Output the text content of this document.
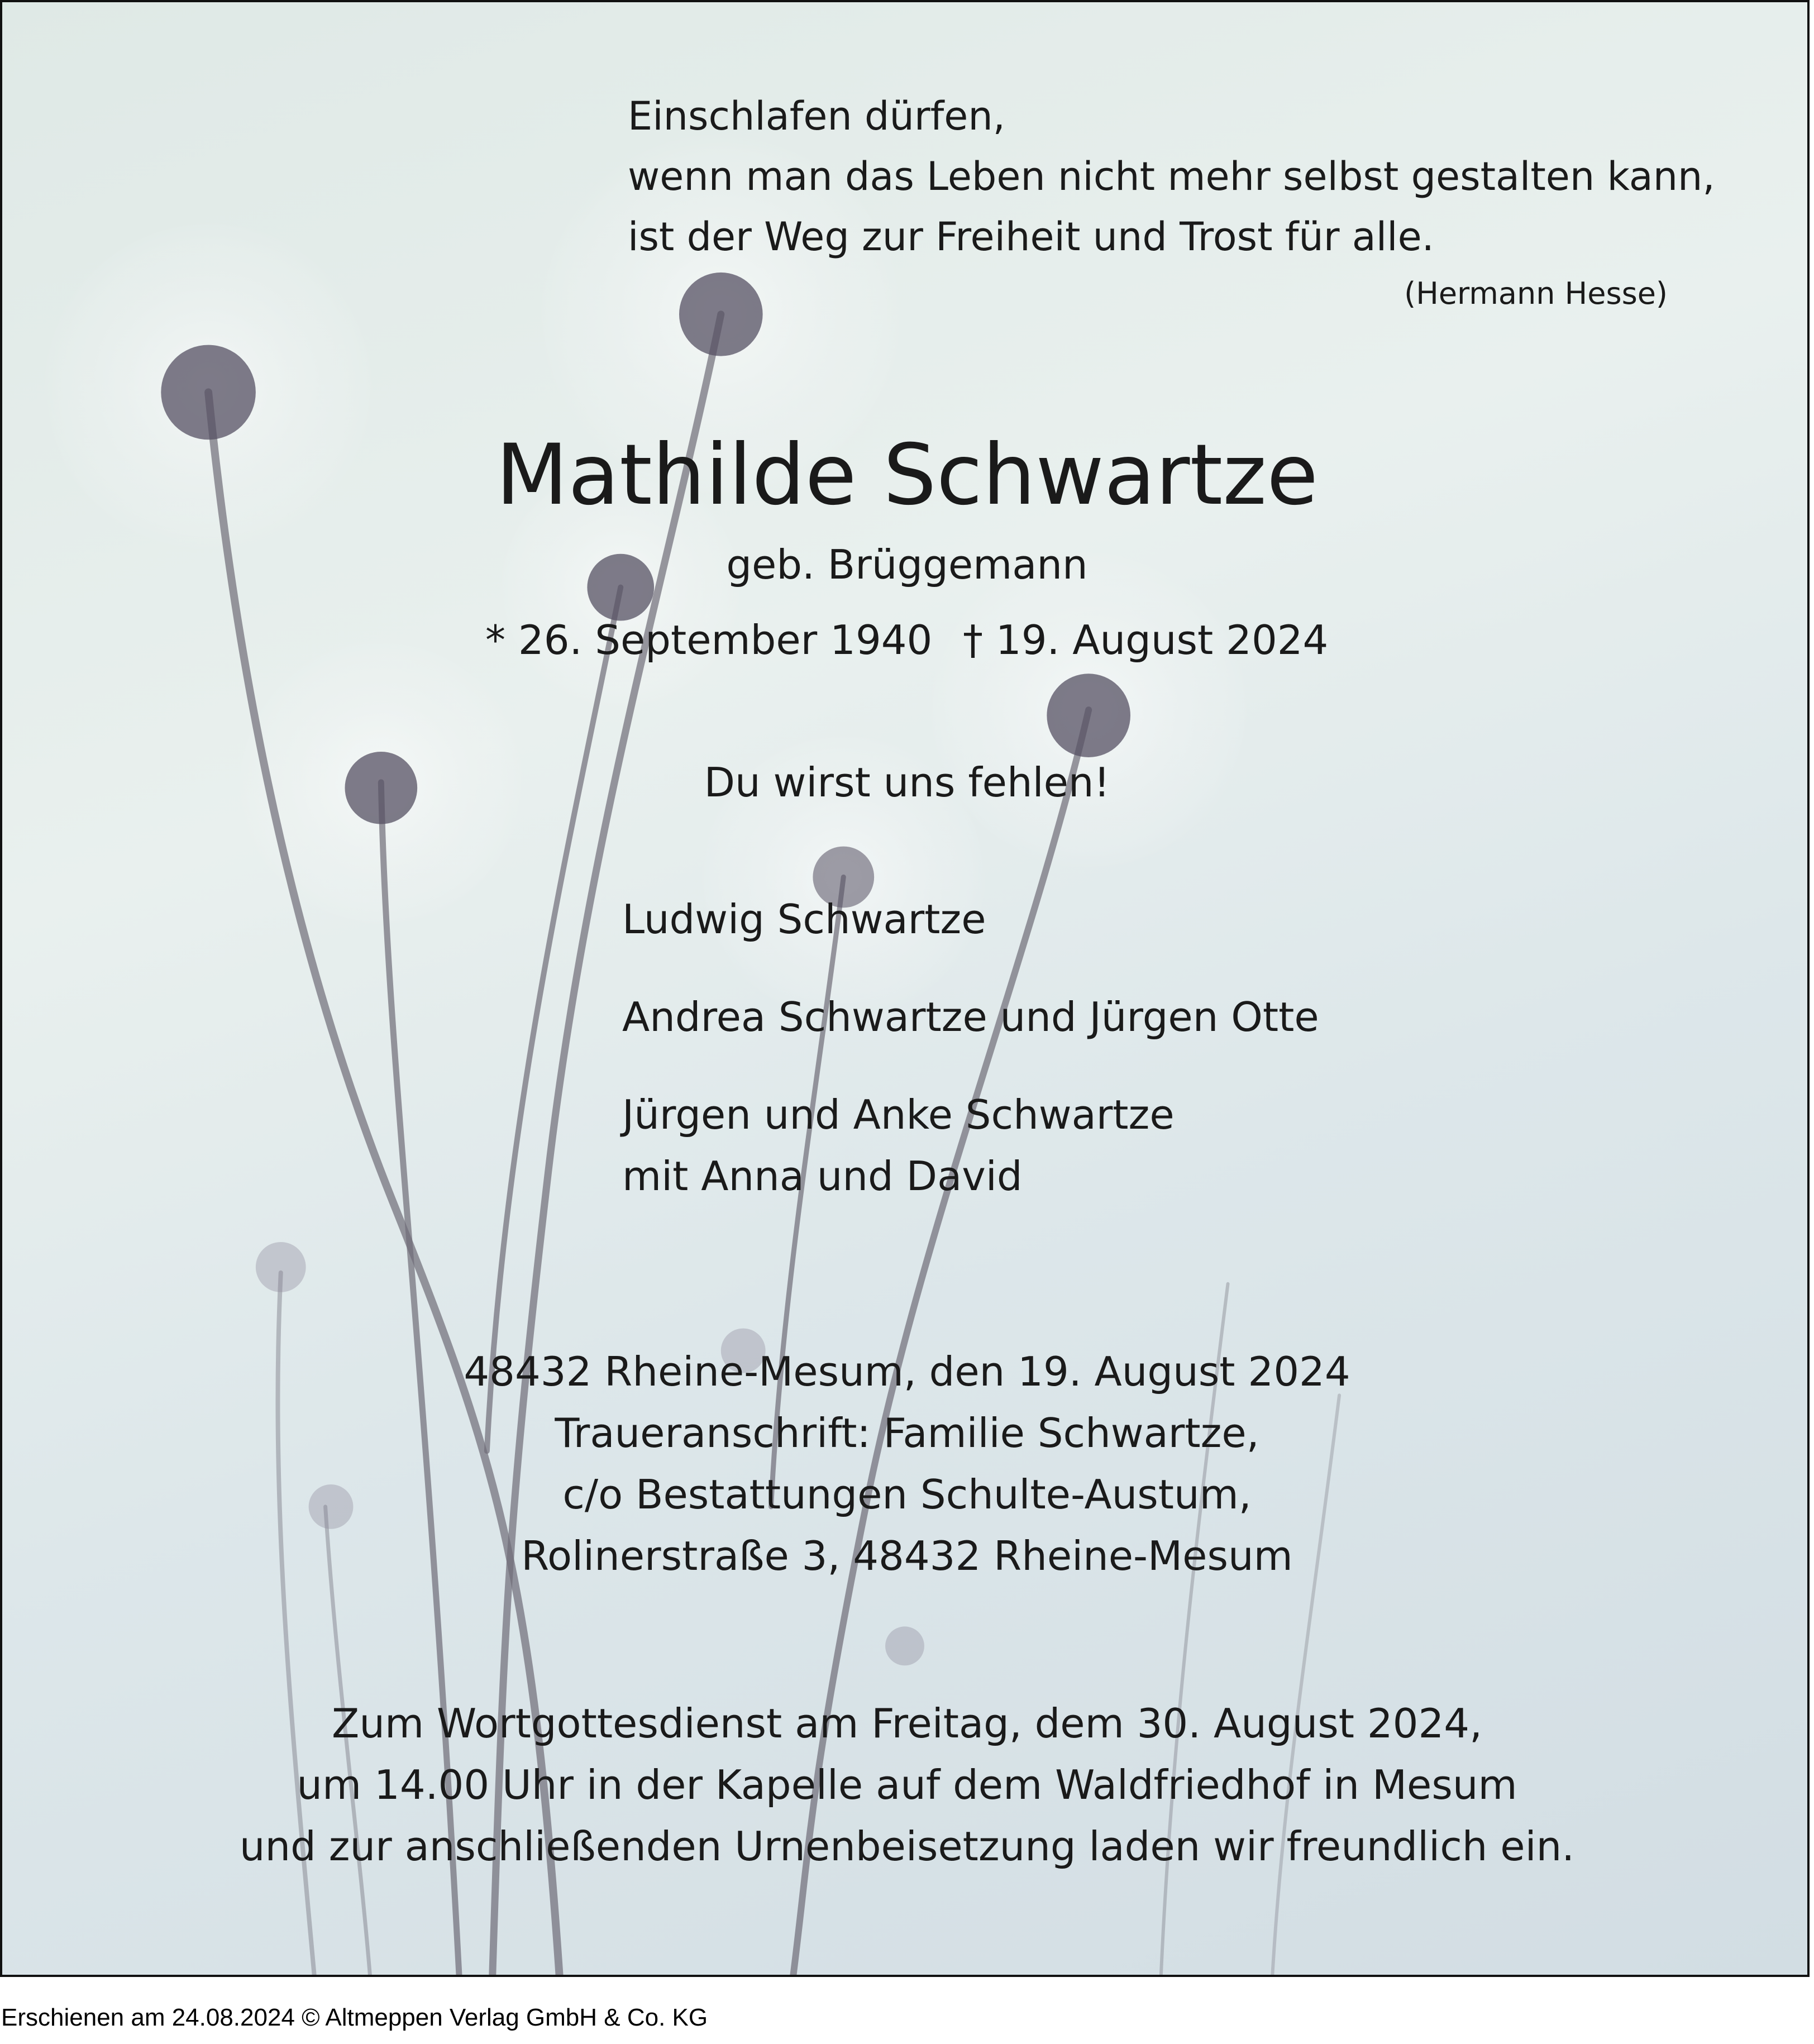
Einschlafen dürfen,
wenn man das Leben nicht mehr selbst gestalten kann,
ist der Weg zur Freiheit und Trost für alle.
(Hermann Hesse)
Mathilde Schwartze
geb. Brüggemann
* 26. September 1940 † 19. August 2024
Du wirst uns fehlen!
Ludwig Schwartze
Andrea Schwartze und Jürgen Otte
Jürgen und Anke Schwartze
mit Anna und David
48432 Rheine-Mesum, den 19. August 2024
Traueranschrift: Familie Schwartze,
c/o Bestattungen Schulte-Austum,
Rolinerstraße 3, 48432 Rheine-Mesum
Zum Wortgottesdienst am Freitag, dem 30. August 2024,
um 14.00 Uhr in der Kapelle auf dem Waldfriedhof in Mesum
und zur anschließenden Urnenbeisetzung laden wir freundlich ein.
Erschienen am 24.08.2024 © Altmeppen Verlag GmbH & Co. KG
